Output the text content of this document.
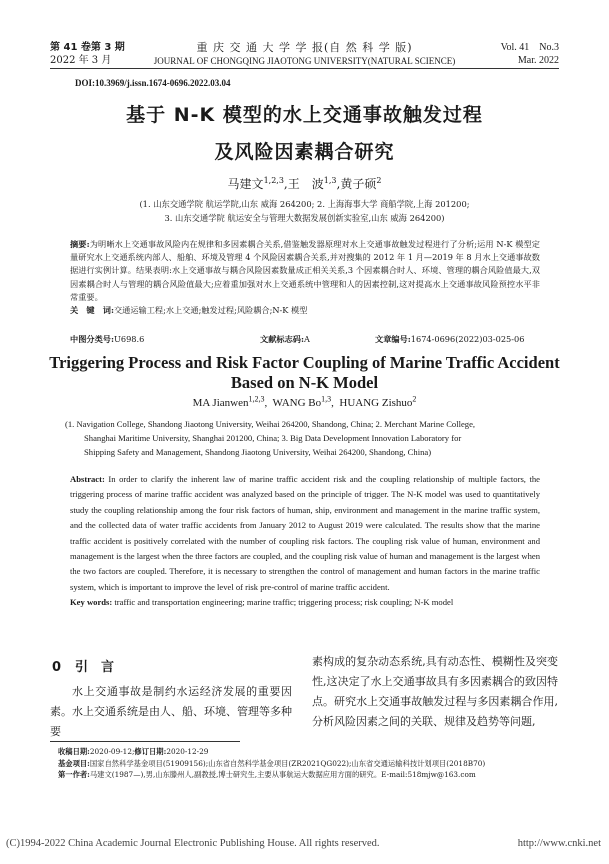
第 41 卷第 3 期
2022 年 3 月
重 庆 交 通 大 学 学 报(自 然 科 学 版)
JOURNAL OF CHONGQING JIAOTONG UNIVERSITY(NATURAL SCIENCE)
Vol. 41    No.3
Mar. 2022
DOI:10.3969/j.issn.1674-0696.2022.03.04
基于 N-K 模型的水上交通事故触发过程
及风险因素耦合研究
马建文$^{1,2,3}$,王　波$^{1,3}$,黄子硕$^2$
(1. 山东交通学院 航运学院,山东 威海 264200; 2. 上海海事大学 商船学院,上海 201200;
3. 山东交通学院 航运安全与管理大数据发展创新实验室,山东 威海 264200)
摘要:为明晰水上交通事故风险内在规律和多因素耦合关系,借鉴触发器原理对水上交通事故触发过程进行了分析;运用 N-K 模型定量研究水上交通系统内部人、船舶、环境及管理 4 个风险因素耦合关系,并对搜集的 2012 年 1 月—2019 年 8 月水上交通事故数据进行实例计算。结果表明:水上交通事故与耦合风险因素数量成正相关关系,3 个因素耦合时人、环境、管理的耦合风险值最大,双因素耦合时人与管理的耦合风险值最大;应着重加强对水上交通系统中管理和人的因素控制,这对提高水上交通事故风险预控水平非常重要。
关　键　词:交通运输工程;水上交通;触发过程;风险耦合;N-K 模型
中图分类号:U698.6	文献标志码:A	文章编号:1674-0696(2022)03-025-06
Triggering Process and Risk Factor Coupling of Marine Traffic Accident
Based on N-K Model
MA Jianwen$^{1,2,3}$,  WANG Bo$^{1,3}$,  HUANG Zishuo$^2$
(1. Navigation College, Shandong Jiaotong University, Weihai 264200, Shandong, China; 2. Merchant Marine College,
Shanghai Maritime University, Shanghai 201200, China; 3. Big Data Development Innovation Laboratory for
Shipping Safety and Management, Shandong Jiaotong University, Weihai 264200, Shandong, China)
Abstract: In order to clarify the inherent law of marine traffic accident risk and the coupling relationship of multiple factors, the triggering process of marine traffic accident was analyzed based on the principle of trigger. The N-K model was used to quantitatively study the coupling relationship among the four risk factors of human, ship, environment and management in the marine traffic system, and the collected data of water traffic accidents from January 2012 to August 2019 were calculated. The results show that the marine traffic accident is positively correlated with the number of coupling risk factors. The coupling risk value of human, environment and management is the largest when the three factors are coupled, and the coupling risk value of human and management is the largest when the two factors are coupled. Therefore, it is necessary to strengthen the control of management and human factors in the marine traffic system, which is important to improve the level of risk pre-control of marine traffic accident.
Key words: traffic and transportation engineering; marine traffic; triggering process; risk coupling; N-K model
0 引　言
水上交通事故是制约水运经济发展的重要因素。水上交通系统是由人、船、环境、管理等多种要
素构成的复杂动态系统,具有动态性、模糊性及突变性,这决定了水上交通事故具有多因素耦合的致因特点。研究水上交通事故触发过程与多因素耦合作用,分析风险因素之间的关联、规律及趋势等问题,
收稿日期:2020-09-12;修订日期:2020-12-29
基金项目:国家自然科学基金项目(51909156);山东省自然科学基金项目(ZR2021QG022);山东省交通运输科技计划项目(2018B70)
第一作者:马建文(1987—),男,山东滕州人,副教授,博士研究生,主要从事航运大数据应用方面的研究。E-mail:518mjw@163.com
(C)1994-2022 China Academic Journal Electronic Publishing House. All rights reserved.	http://www.cnki.net
